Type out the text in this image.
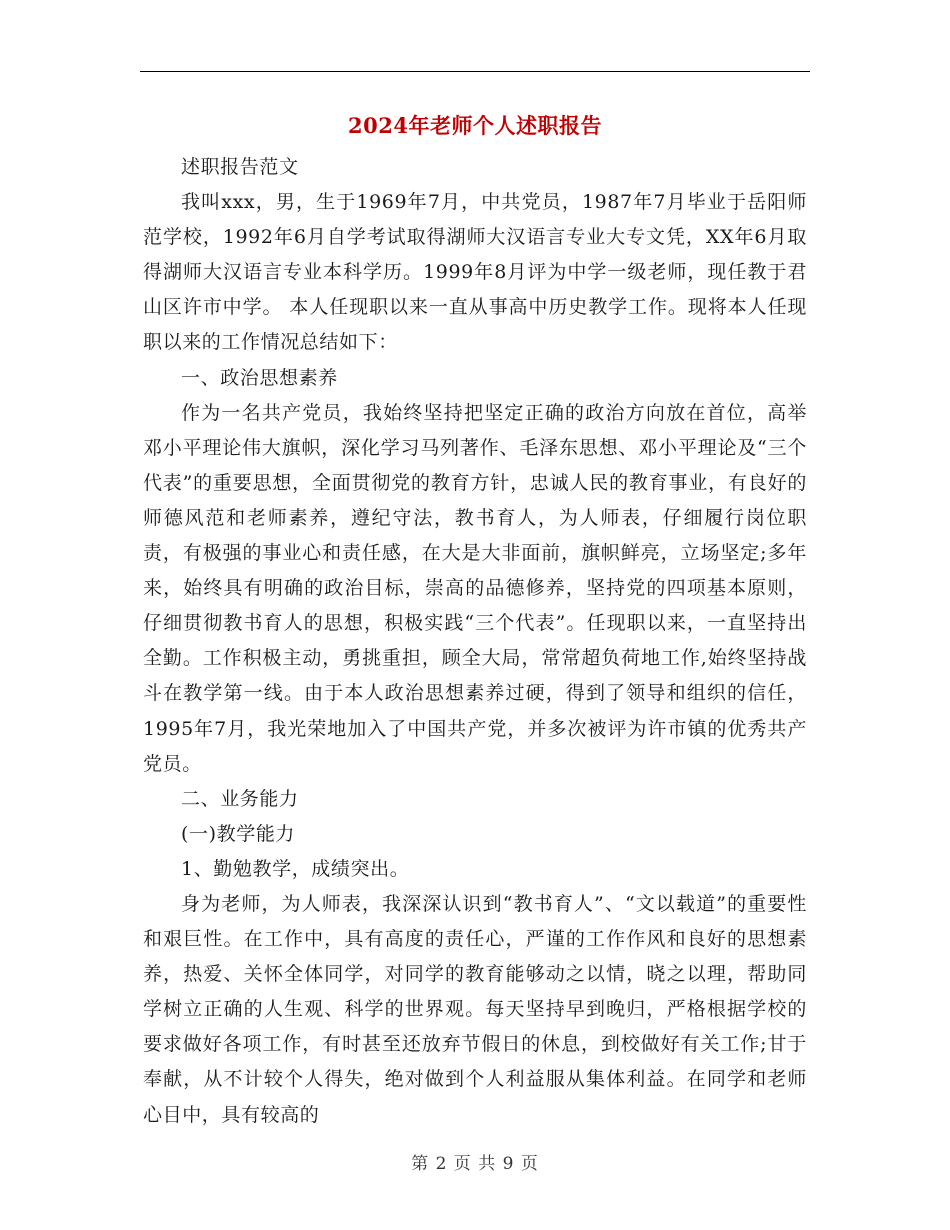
2024年老师个人述职报告

述职报告范文

我叫xxx，男，生于1969年7月，中共党员，1987年7月毕业于岳阳师范学校，1992年6月自学考试取得湖师大汉语言专业大专文凭，XX年6月取得湖师大汉语言专业本科学历。1999年8月评为中学一级老师，现任教于君山区许市中学。 本人任现职以来一直从事高中历史教学工作。现将本人任现职以来的工作情况总结如下：

一、政治思想素养

作为一名共产党员，我始终坚持把坚定正确的政治方向放在首位，高举邓小平理论伟大旗帜，深化学习马列著作、毛泽东思想、邓小平理论及“三个代表”的重要思想，全面贯彻党的教育方针，忠诚人民的教育事业，有良好的师德风范和老师素养，遵纪守法，教书育人，为人师表，仔细履行岗位职责，有极强的事业心和责任感，在大是大非面前，旗帜鲜亮，立场坚定;多年来，始终具有明确的政治目标，崇高的品德修养，坚持党的四项基本原则，仔细贯彻教书育人的思想，积极实践“三个代表”。任现职以来，一直坚持出全勤。工作积极主动，勇挑重担，顾全大局，常常超负荷地工作,始终坚持战斗在教学第一线。由于本人政治思想素养过硬，得到了领导和组织的信任，1995年7月，我光荣地加入了中国共产党，并多次被评为许市镇的优秀共产党员。

二、业务能力

(一)教学能力

1、勤勉教学，成绩突出。

身为老师，为人师表，我深深认识到“教书育人”、“文以载道”的重要性和艰巨性。在工作中，具有高度的责任心，严谨的工作作风和良好的思想素养，热爱、关怀全体同学，对同学的教育能够动之以情，晓之以理，帮助同学树立正确的人生观、科学的世界观。每天坚持早到晚归，严格根据学校的要求做好各项工作，有时甚至还放弃节假日的休息，到校做好有关工作;甘于奉献，从不计较个人得失，绝对做到个人利益服从集体利益。在同学和老师心目中，具有较高的

第 2 页 共 9 页
